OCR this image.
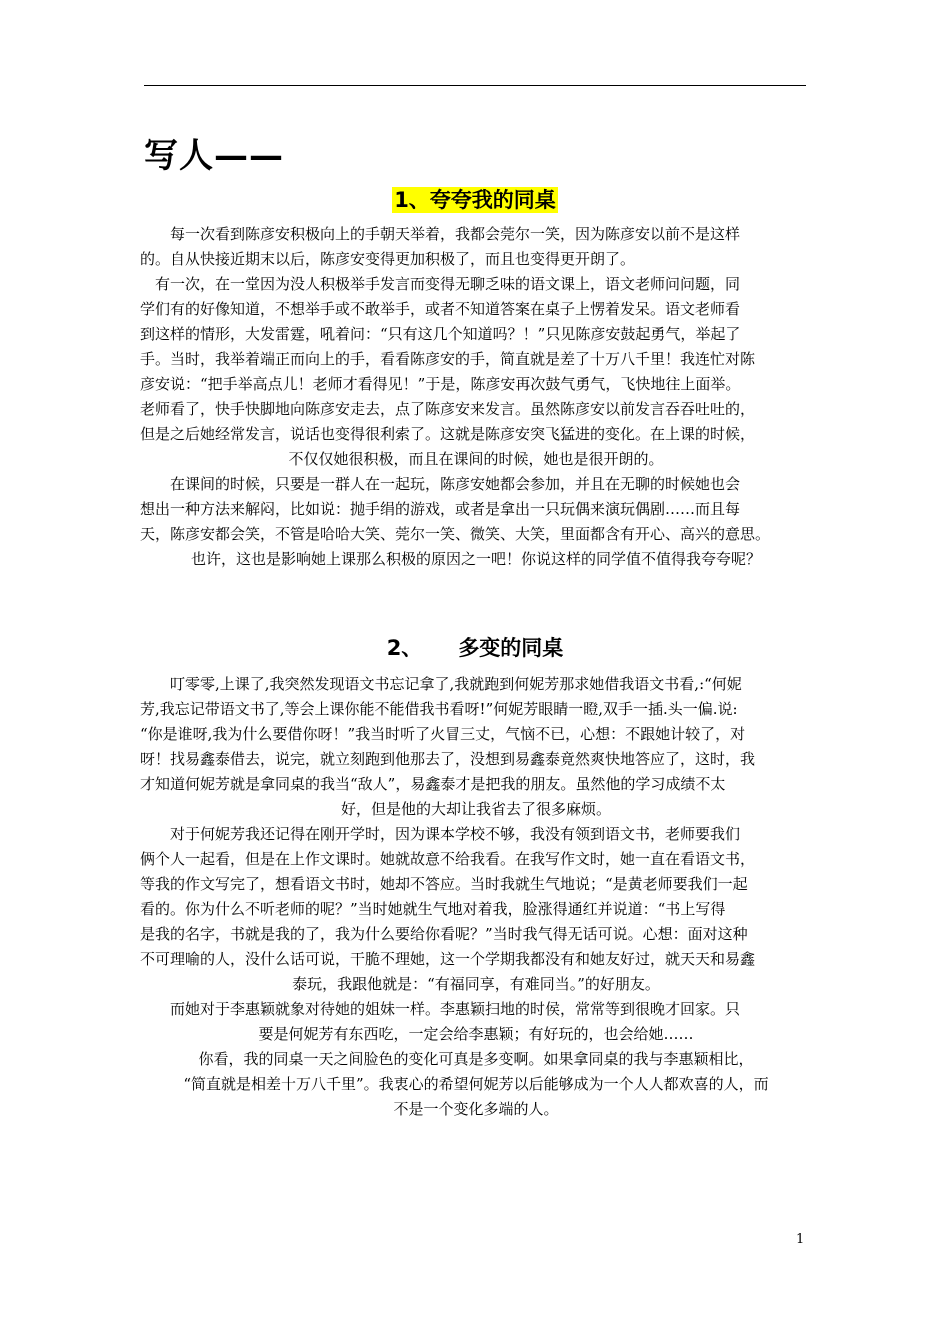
写人——
1、夸夸我的同桌

　　每一次看到陈彦安积极向上的手朝天举着，我都会莞尔一笑，因为陈彦安以前不是这样
的。自从快接近期末以后，陈彦安变得更加积极了，而且也变得更开朗了。

　有一次，在一堂因为没人积极举手发言而变得无聊乏味的语文课上，语文老师问问题，同
学们有的好像知道，不想举手或不敢举手，或者不知道答案在桌子上愣着发呆。语文老师看
到这样的情形，大发雷霆，吼着问：“只有这几个知道吗？！”只见陈彦安鼓起勇气，举起了
手。当时，我举着端正而向上的手，看看陈彦安的手，简直就是差了十万八千里！我连忙对陈
彦安说：“把手举高点儿！老师才看得见！”于是，陈彦安再次鼓气勇气，飞快地往上面举。
老师看了，快手快脚地向陈彦安走去，点了陈彦安来发言。虽然陈彦安以前发言吞吞吐吐的，
但是之后她经常发言，说话也变得很利索了。这就是陈彦安突飞猛进的变化。在上课的时候，
不仅仅她很积极，而且在课间的时候，她也是很开朗的。

　　在课间的时候，只要是一群人在一起玩，陈彦安她都会参加，并且在无聊的时候她也会
想出一种方法来解闷，比如说：抛手绢的游戏，或者是拿出一只玩偶来演玩偶剧……而且每
天，陈彦安都会笑，不管是哈哈大笑、莞尔一笑、微笑、大笑，里面都含有开心、高兴的意思。
也许，这也是影响她上课那么积极的原因之一吧！你说这样的同学值不值得我夸夸呢？

2、 多变的同桌

　　叮零零,上课了,我突然发现语文书忘记拿了,我就跑到何妮芳那求她借我语文书看,:“何妮
芳,我忘记带语文书了,等会上课你能不能借我书看呀!”何妮芳眼睛一瞪,双手一插.头一偏.说:
“你是谁呀,我为什么要借你呀！”我当时听了火冒三丈，气恼不已，心想：不跟她计较了，对
呀！找易鑫泰借去，说完，就立刻跑到他那去了，没想到易鑫泰竟然爽快地答应了，这时，我
才知道何妮芳就是拿同桌的我当“敌人”，易鑫泰才是把我的朋友。虽然他的学习成绩不太
好，但是他的大却让我省去了很多麻烦。

　　对于何妮芳我还记得在刚开学时，因为课本学校不够，我没有领到语文书，老师要我们
俩个人一起看，但是在上作文课时。她就故意不给我看。在我写作文时，她一直在看语文书，
等我的作文写完了，想看语文书时，她却不答应。当时我就生气地说；“是黄老师要我们一起
看的。你为什么不听老师的呢？”当时她就生气地对着我，脸涨得通红并说道：“书上写得
是我的名字，书就是我的了，我为什么要给你看呢？”当时我气得无话可说。心想：面对这种
不可理喻的人，没什么话可说，干脆不理她，这一个学期我都没有和她友好过，就天天和易鑫
泰玩，我跟他就是：“有福同享，有难同当。”的好朋友。

　　而她对于李惠颖就象对待她的姐妹一样。李惠颖扫地的时侯，常常等到很晚才回家。只
要是何妮芳有东西吃，一定会给李惠颖；有好玩的，也会给她……

你看，我的同桌一天之间脸色的变化可真是多变啊。如果拿同桌的我与李惠颖相比，
“简直就是相差十万八千里”。我衷心的希望何妮芳以后能够成为一个人人都欢喜的人，而
不是一个变化多端的人。

1
